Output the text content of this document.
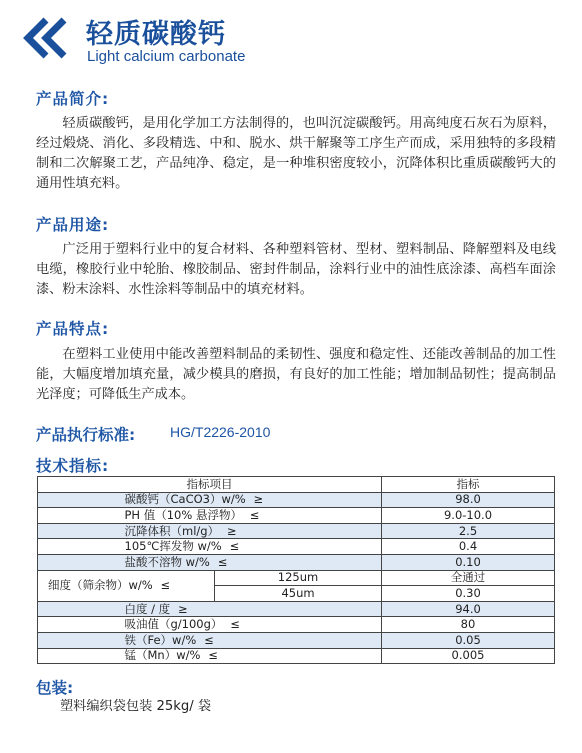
轻质碳酸钙
Light calcium carbonate
产品简介:

轻质碳酸钙，是用化学加工方法制得的，也叫沉淀碳酸钙。用高纯度石灰石为原料，经过煅烧、消化、多段精选、中和、脱水、烘干解聚等工序生产而成，采用独特的多段精制和二次解聚工艺，产品纯净、稳定，是一种堆积密度较小，沉降体积比重质碳酸钙大的通用性填充料。

产品用途:

广泛用于塑料行业中的复合材料、各种塑料管材、型材、塑料制品、降解塑料及电线电缆，橡胶行业中轮胎、橡胶制品、密封件制品，涂料行业中的油性底涂漆、高档车面涂漆、粉末涂料、水性涂料等制品中的填充材料。

产品特点:

在塑料工业使用中能改善塑料制品的柔韧性、强度和稳定性、还能改善制品的加工性能，大幅度增加填充量，减少模具的磨损，有良好的加工性能；增加制品韧性；提高制品光泽度；可降低生产成本。

产品执行标准: HG/T2226-2010
技术指标:
指标项目		指标
碳酸钙（CaCO3）w/% ≥		98.0
PH 值（10% 悬浮物） ≤		9.0-10.0
沉降体积（ml/g） ≥		2.5
105℃挥发物 w/% ≤		0.4
盐酸不溶物 w/% ≤		0.10
细度（筛余物）w/% ≤	125um	全通过
	45um	0.30
白度 / 度 ≥		94.0
吸油值（g/100g） ≤		80
铁（Fe）w/% ≤		0.05
锰（Mn）w/% ≤		0.005
包装:
塑料编织袋包装 25kg/ 袋
